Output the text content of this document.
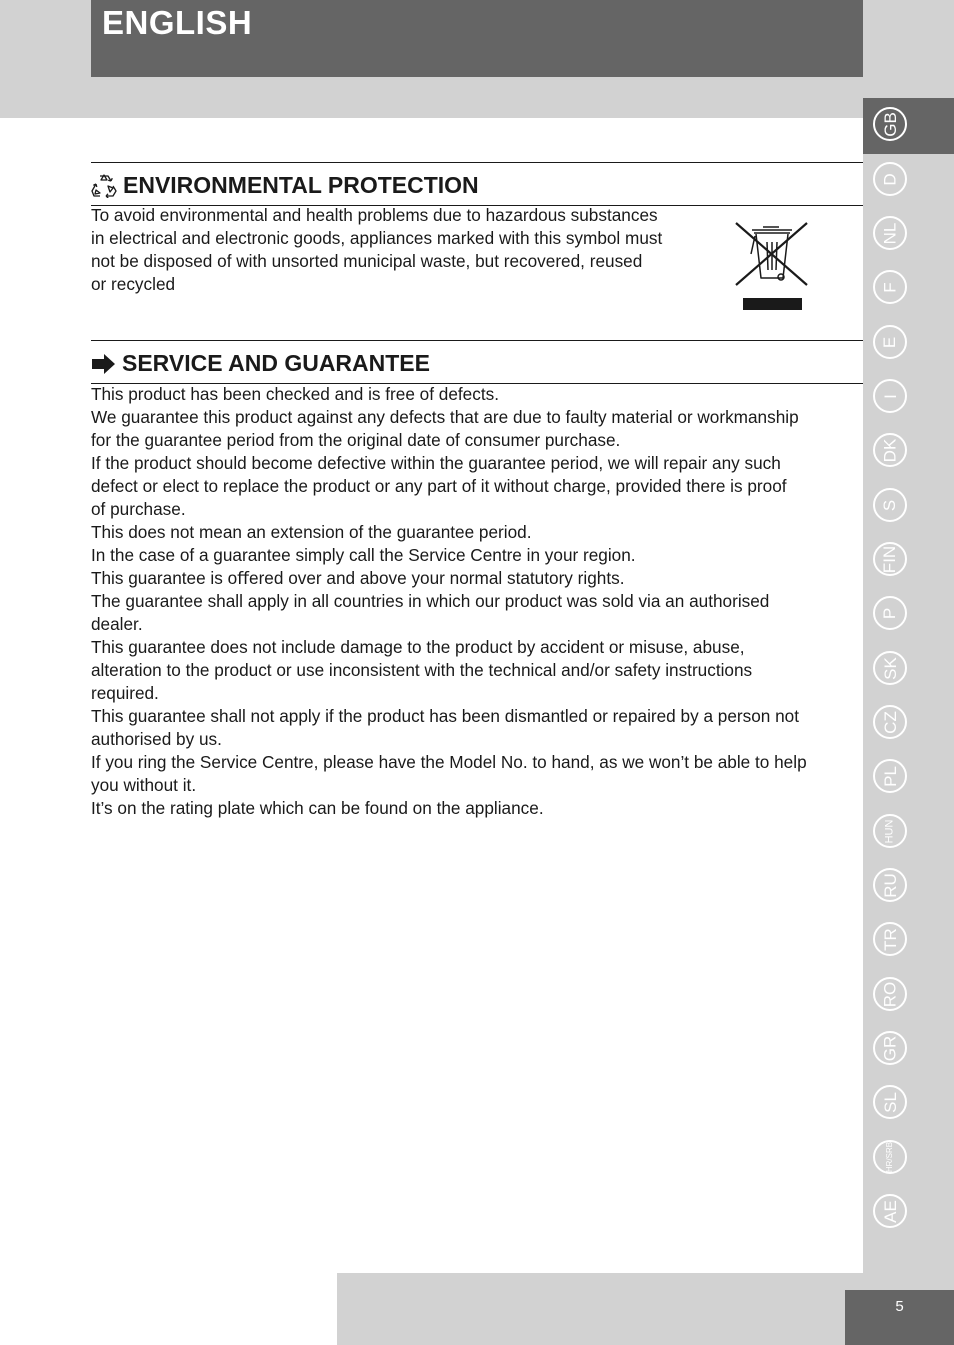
ENGLISH
GB
D
NL
F
E
I
DK
S
FIN
P
SK
CZ
PL
HUN
RU
TR
RO
GR
SL
HR/SRB
AE
ENVIRONMENTAL PROTECTION
To avoid environmental and health problems due to hazardous substances
in electrical and electronic goods, appliances marked with this symbol must
not be disposed of with unsorted municipal waste, but recovered, reused
or recycled
SERVICE AND GUARANTEE
This product has been checked and is free of defects.
We guarantee this product against any defects that are due to faulty material or workmanship
for the guarantee period from the original date of consumer purchase.
If the product should become defective within the guarantee period, we will repair any such
defect or elect to replace the product or any part of it without charge, provided there is proof
of purchase.
This does not mean an extension of the guarantee period.
In the case of a guarantee simply call the Service Centre in your region.
This guarantee is oﬀered over and above your normal statutory rights.
The guarantee shall apply in all countries in which our product was sold via an authorised
dealer.
This guarantee does not include damage to the product by accident or misuse, abuse,
alteration to the product or use inconsistent with the technical and/or safety instructions
required.
This guarantee shall not apply if the product has been dismantled or repaired by a person not
authorised by us.
If you ring the Service Centre, please have the Model No. to hand, as we won’t be able to help
you without it.
It’s on the rating plate which can be found on the appliance.
5
